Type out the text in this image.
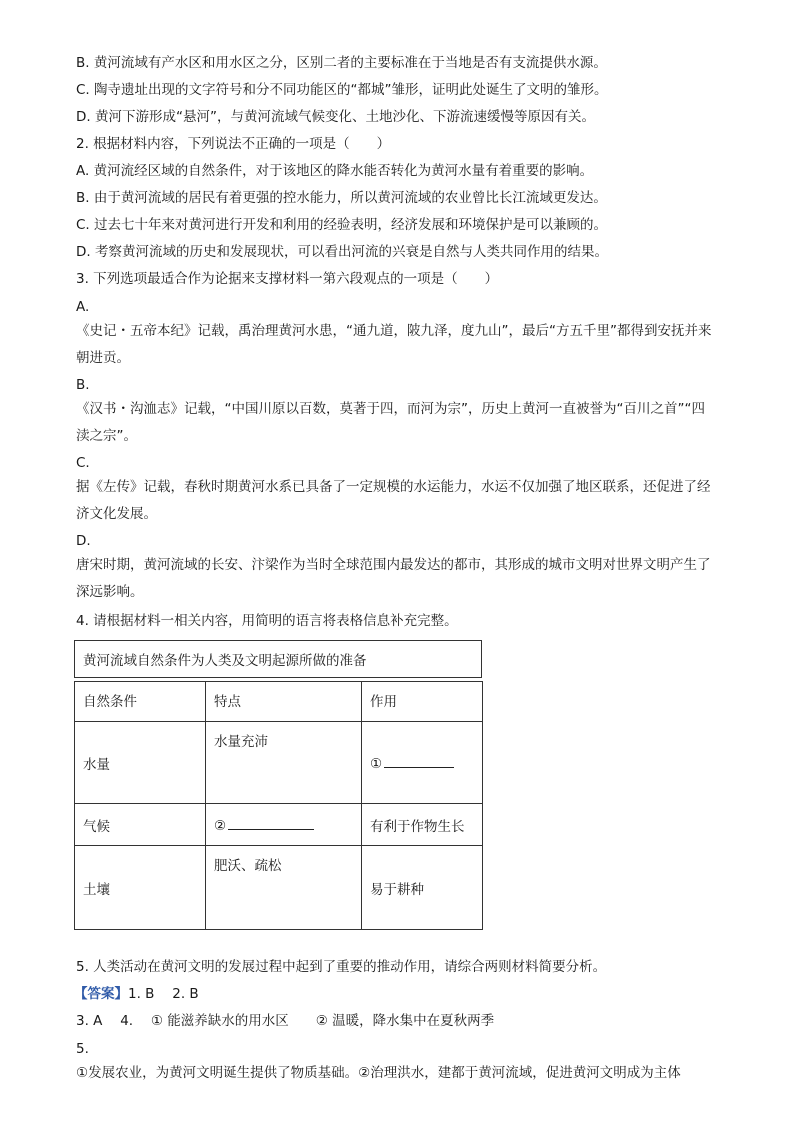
B. 黄河流域有产水区和用水区之分，区别二者的主要标准在于当地是否有支流提供水源。
C. 陶寺遗址出现的文字符号和分不同功能区的“都城”雏形，证明此处诞生了文明的雏形。
D. 黄河下游形成“悬河”，与黄河流域气候变化、土地沙化、下游流速缓慢等原因有关。
2. 根据材料内容，下列说法不正确的一项是（　　）
A. 黄河流经区域的自然条件，对于该地区的降水能否转化为黄河水量有着重要的影响。
B. 由于黄河流域的居民有着更强的控水能力，所以黄河流域的农业曾比长江流域更发达。
C. 过去七十年来对黄河进行开发和利用的经验表明，经济发展和环境保护是可以兼顾的。
D. 考察黄河流域的历史和发展现状，可以看出河流的兴衰是自然与人类共同作用的结果。
3. 下列选项最适合作为论据来支撑材料一第六段观点的一项是（　　）
A.
《史记・五帝本纪》记载，禹治理黄河水患，“通九道，陂九泽，度九山”，最后“方五千里”都得到安抚并来朝进贡。
B.
《汉书・沟洫志》记载，“中国川原以百数，莫著于四，而河为宗”，历史上黄河一直被誉为“百川之首”“四渎之宗”。
C.
据《左传》记载，春秋时期黄河水系已具备了一定规模的水运能力，水运不仅加强了地区联系，还促进了经济文化发展。
D.
唐宋时期，黄河流域的长安、汴梁作为当时全球范围内最发达的都市，其形成的城市文明对世界文明产生了深远影响。
4. 请根据材料一相关内容，用简明的语言将表格信息补充完整。
黄河流域自然条件为人类及文明起源所做的准备
自然条件	特点	作用
水量	水量充沛	①
气候	②	有利于作物生长
土壤	肥沃、疏松	易于耕种
5. 人类活动在黄河文明的发展过程中起到了重要的推动作用，请综合两则材料简要分析。
【答案】1. B　 2. B
3. A　 4.　 ① 能滋养缺水的用水区　　② 温暖，降水集中在夏秋两季
5.
①发展农业，为黄河文明诞生提供了物质基础。②治理洪水，建都于黄河流域，促进黄河文明成为主体
